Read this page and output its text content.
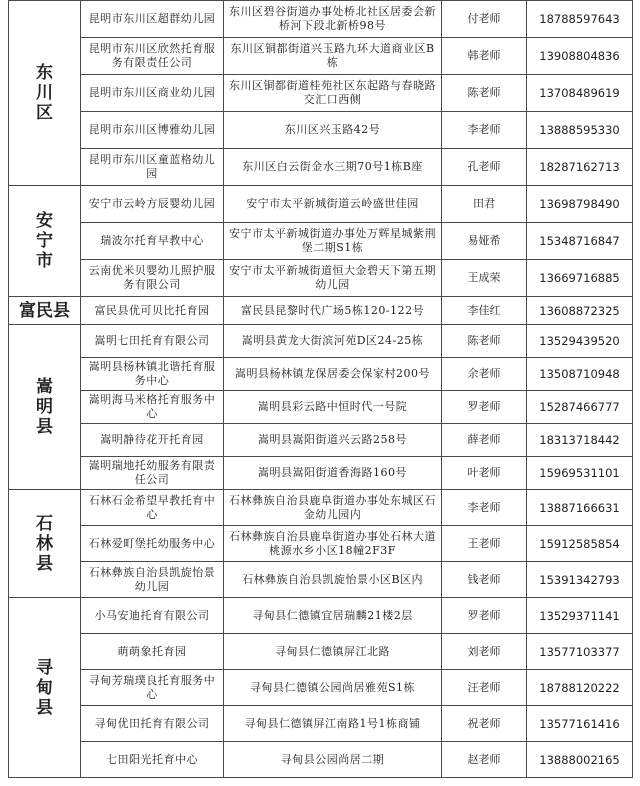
东川区	昆明市东川区超群幼儿园	东川区碧谷街道办事处桥北社区居委会新桥河下段北新桥98号	付老师	18788597643
	昆明市东川区欣然托育服务有限责任公司	东川区铜都街道兴玉路九环大道商业区B栋	韩老师	13908804836
	昆明市东川区商业幼儿园	东川区铜都街道桂苑社区东起路与春晓路交汇口西侧	陈老师	13708489619
	昆明市东川区博雅幼儿园	东川区兴玉路42号	李老师	13888595330
	昆明市东川区童蓝格幼儿园	东川区白云街金水三期70号1栋B座	孔老师	18287162713
安宁市	安宁市云岭方辰婴幼儿园	安宁市太平新城街道云岭盛世佳园	田君	13698798490
	瑞波尔托育早教中心	安宁市太平新城街道办事处万辉星城紫荆堡二期S1栋	易娅希	15348716847
	云南优米贝婴幼儿照护服务有限公司	安宁市太平新城街道恒大金碧天下第五期幼儿园	王成荣	13669716885
富民县	富民县优可贝比托育园	富民县昆黎时代广场5栋120-122号	李佳红	13608872325
嵩明县	嵩明七田托育有限公司	嵩明县黄龙大街滨河苑D区24-25栋	陈老师	13529439520
	嵩明县杨林镇北谐托育服务中心	嵩明县杨林镇龙保居委会保家村200号	余老师	13508710948
	嵩明海马米格托育服务中心	嵩明县彩云路中恒时代一号院	罗老师	15287466777
	嵩明静待花开托育园	嵩明县嵩阳街道兴云路258号	薛老师	18313718442
	嵩明瑞地托幼服务有限责任公司	嵩明县嵩阳街道香海路160号	叶老师	15969531101
石林县	石林石金希望早教托育中心	石林彝族自治县鹿阜街道办事处东城区石金幼儿园内	李老师	13887166631
	石林爱町堡托幼服务中心	石林彝族自治县鹿阜街道办事处石林大道桃源水乡小区18幢2F3F	王老师	15912585854
	石林彝族自治县凯旋怡景幼儿园	石林彝族自治县凯旋怡景小区B区内	钱老师	15391342793
寻甸县	小马安迪托育有限公司	寻甸县仁德镇宜居瑞麟21楼2层	罗老师	13529371141
	萌萌象托育园	寻甸县仁德镇屏江北路	刘老师	13577103377
	寻甸芳瑞璞良托育服务中心	寻甸县仁德镇公园尚居雅苑S1栋	汪老师	18788120222
	寻甸优田托育有限公司	寻甸县仁德镇屏江南路1号1栋商铺	祝老师	13577161416
	七田阳光托育中心	寻甸县公园尚居二期	赵老师	13888002165
